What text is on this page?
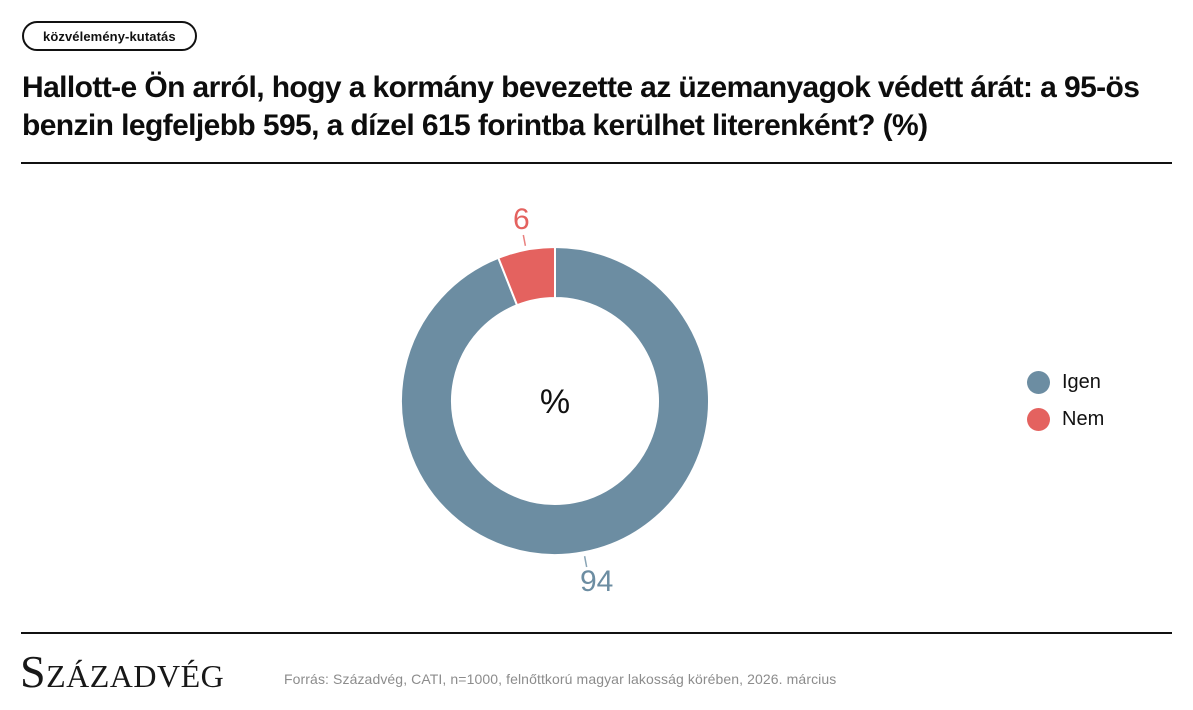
közvélemény-kutatás
Hallott-e Ön arról, hogy a kormány bevezette az üzemanyagok védett árát: a 95-ös benzin legfeljebb 595, a dízel 615 forintba kerülhet literenként? (%)
94
6
%
Igen
Nem
Századvég	Forrás: Századvég, CATI, n=1000, felnőttkorú magyar lakosság körében, 2026. március
